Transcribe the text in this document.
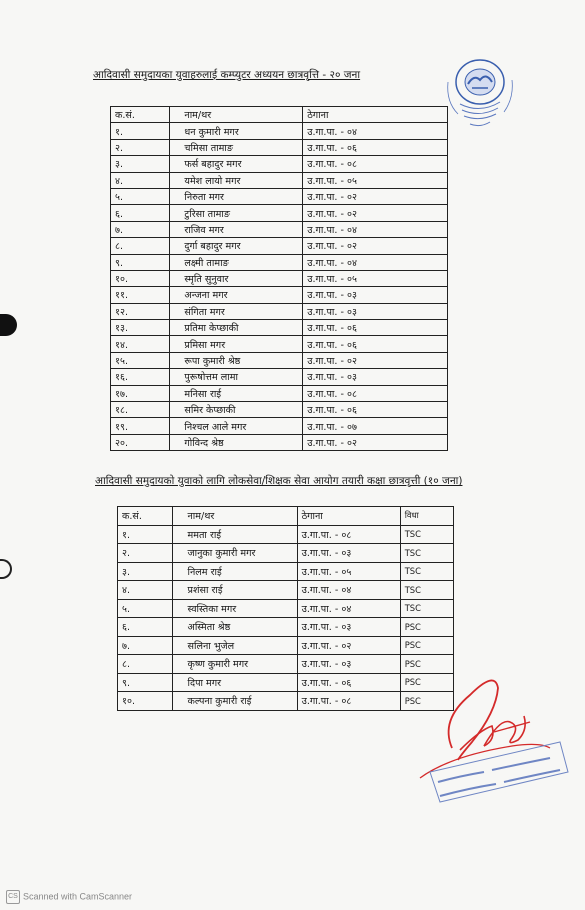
आदिवासी समुदायका युवाहरुलाई कम्प्युटर अध्ययन छात्रवृत्ति - २० जना
क.सं.	नाम/थर	ठेगाना
१.	धन कुमारी मगर	उ.गा.पा. - ०४
२.	चमिसा तामाङ	उ.गा.पा. - ०६
३.	फर्स बहादुर मगर	उ.गा.पा. - ०८
४.	यमेश लायो मगर	उ.गा.पा. - ०५
५.	निरुता मगर	उ.गा.पा. - ०२
६.	टुरिसा तामाङ	उ.गा.पा. - ०२
७.	राजिव मगर	उ.गा.पा. - ०४
८.	दुर्गा बहादुर मगर	उ.गा.पा. - ०२
९.	लक्ष्मी तामाङ	उ.गा.पा. - ०४
१०.	स्मृति सुनुवार	उ.गा.पा. - ०५
११.	अन्जना मगर	उ.गा.पा. - ०३
१२.	संगिता मगर	उ.गा.पा. - ०३
१३.	प्रतिमा केप्छाकी	उ.गा.पा. - ०६
१४.	प्रमिसा मगर	उ.गा.पा. - ०६
१५.	रूपा कुमारी श्रेष्ठ	उ.गा.पा. - ०२
१६.	पुरूषोत्तम लामा	उ.गा.पा. - ०३
१७.	मनिसा राई	उ.गा.पा. - ०८
१८.	समिर केप्छाकी	उ.गा.पा. - ०६
१९.	निश्चल आले मगर	उ.गा.पा. - ०७
२०.	गोविन्द श्रेष्ठ	उ.गा.पा. - ०२
आदिवासी समुदायको युवाको लागि लोकसेवा/शिक्षक सेवा आयोग तयारी कक्षा छात्रवृत्ती (१० जना)
क.सं.	नाम/थर	ठेगाना	विधा
१.	ममता राई	उ.गा.पा. - ०८	TSC
२.	जानुका कुमारी मगर	उ.गा.पा. - ०३	TSC
३.	निलम राई	उ.गा.पा. - ०५	TSC
४.	प्रशंसा राई	उ.गा.पा. - ०४	TSC
५.	स्वस्तिका मगर	उ.गा.पा. - ०४	TSC
६.	अस्मिता श्रेष्ठ	उ.गा.पा. - ०३	PSC
७.	सलिना भुजेल	उ.गा.पा. - ०२	PSC
८.	कृष्ण कुमारी मगर	उ.गा.पा. - ०३	PSC
९.	दिपा मगर	उ.गा.पा. - ०६	PSC
१०.	कल्पना कुमारी राई	उ.गा.पा. - ०८	PSC
CS Scanned with CamScanner
